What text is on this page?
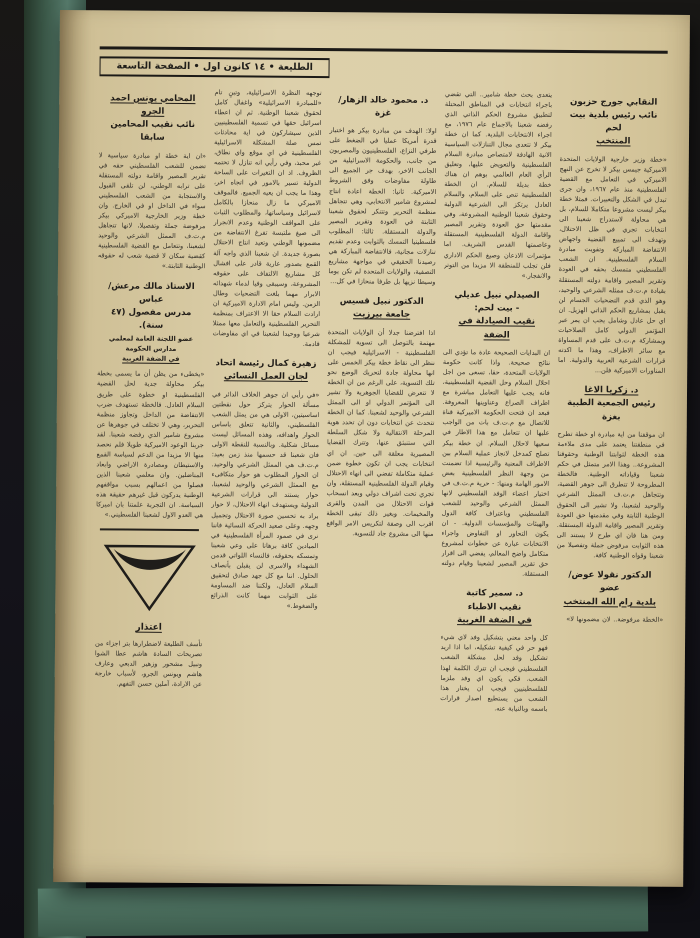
الطليعة • ١٤ كانون اول • الصفحة التاسعة
النقابي جورج حزبون
نائب رئيس بلدية بيت لحم
المنتخب
«خطة وزير خارجية الولايات المتحدة الاميركية جيمس بيكر لا تخرج عن النهج الاميركي في التعامل مع القضية الفلسطينية منذ عام ١٩٦٧، وان جرى تبدل في الشكل والتعبيرات. فمثلا خطة بيكر ليست مشروعا متكاملا للسلام، بل هي محاولة لاستدراج شعبنا الى انتخابات تجري في ظل الاحتلال، وتهدف الى تمييع القضية واجهاض الانتفاضة المباركة وتفويت مبادرة السلام الفلسطينية. ان الشعب الفلسطيني متمسك بحقه في العودة وتقرير المصير واقامة دولته المستقلة بقيادة م.ت.ف ممثله الشرعي والوحيد، وهو الذي قدم التضحيات الجسام لن يقبل بمشاريع الحكم الذاتي الهزيل. ان اي حل عادل وشامل يجب ان يمر عبر المؤتمر الدولي كامل الصلاحيات وبمشاركة م.ت.ف على قدم المساواة مع سائر الاطراف، وهذا ما اكدته قرارات الشرعية العربية والدولية. اما المناورات الاميركية فلن...
د. زكريا الاغا
رئيس الجمعية الطبية بغزة
ان موقفنا من اية مبادرة او خطة تطرح في منطقتنا يعتمد على مدى ملاءمة هذه الخطة لثوابتنا الوطنية وحقوقنا المشروعة.. وهذا الامر متمثل في حكم شعبنا وقياداته الوطنية. فالخطة المطروحة لا تتطرق الى جوهر القضية، وتتجاهل م.ت.ف الممثل الشرعي والوحيد لشعبنا، ولا تشير الى الحقوق الوطنية الثابتة وفي مقدمتها حق العودة وتقرير المصير واقامة الدولة المستقلة. ومن هنا فان اي طرح لا يستند الى هذه الثوابت مرفوض جملة وتفصيلا من شعبنا وقواه الوطنية كافة.
الدكتور نقولا عوض/ عضو
بلدية رام الله المنتخب
«الخطة مرفوضة.. لان مضمونها لا»
يتعدى بحث خطة شامير.. التي تقضي باجراء انتخابات في المناطق المحتلة لتطبيق مشروع الحكم الذاتي الذي رفضه شعبنا بالاجماع عام ١٩٧٦، مع اجراء الانتخابات البلدية. كما ان خطة بيكر لا تتعدى مجال التنازلات السياسية الانية الهادفة لامتصاص مبادرة السلام الفلسطينية والتعويض عليها، وتعليق الرأي العام العالمي بوهم ان هناك خطة بديلة للسلام. ان الخطة الفلسطينية تنص على السلام، والسلام العادل يرتكز الى الشرعية الدولية وحقوق شعبنا الوطنية المشروعة، وفي مقدمتها حق العودة وتقرير المصير واقامة الدولة الفلسطينية المستقلة وعاصمتها القدس الشريف. اما مؤتمرات الاذعان وصيغ الحكم الاداري فلن تجلب للمنطقة الا مزيدا من التوتر والانفجار.»
الصيدلي نبيل عديلي
- بيت لحم:
نقيب الصيادلة في الضفة
ان البدايات الصحيحة عادة ما تؤدي الى نتائج صحيحة. واذا كانت حكومة الولايات المتحدة، حقا، تسعى من اجل احلال السلام وحل القضية الفلسطينية، فانه يجب عليها التعامل مباشرة مع اطراف الصراع وعناوينها المعروفة. فبعد ان فتحت الحكومة الاميركية قناة للاتصال مع م.ت.ف بات من الواجب عليها ان تتعامل مع هذا الاطار في سعيها لاحلال السلام. ان خطة بيكر تصلح كمدخل لانجاز عملية السلام بين الاطراف المعنية والرئيسية اذا تضمنت من وجهة النظر الفلسطينية بعض الامور الهامة ومنها: - حرية م.ت.ف في اختيار اعضاء الوفد الفلسطيني لانها الممثل الشرعي والوحيد للشعب الفلسطيني وباعتراف كافة الدول والهيئات والمؤسسات الدولية. - ان يكون التحاور او التفاوض واجراء الانتخابات عبارة عن خطوات لمشروع متكامل واضح المعالم، يفضي الى اقرار حق تقرير المصير لشعبنا وقيام دولته المستقلة.
د. سمير كاتبة
نقيب الاطباء
في الضفة الغربية
كل واحد معني بتشكيل وفد لاي شيء فهو حر في كيفية تشكيله، اما اذا اريد تشكيل وفد لحل مشكلة الشعب الفلسطيني فيجب ان تترك الكلمة لهذا الشعب. فكي يكون اي وفد ملزما للفلسطينيين فيجب ان يختار هذا الشعب من يستطيع اصدار قرارات باسمه وبالنيابة عنه.
د. محمود خالد الزهار/ غزة
اولا: الهدف من مبادرة بيكر هو اختبار قدرة أمريكا عمليا في الضغط على طرفي النزاع، الفلسطينيون والمصريون من جانب، والحكومة الاسرائيلية من الجانب الاخر، بهدف جر الجميع الى طاولة مفاوضات وفق الشروط الاميركية. ثانيا: الخطة اعادة انتاج لمشروع شامير الانتخابي، وهي تتجاهل منظمة التحرير وتتنكر لحقوق شعبنا الثابتة في العودة وتقرير المصير والدولة المستقلة. ثالثا: المطلوب فلسطينيا التمسك بالثوابت وعدم تقديم تنازلات مجانية، فالانتفاضة المباركة هي رصيدنا الحقيقي في مواجهة مشاريع التصفية، والولايات المتحدة لم تكن يوما وسيطا نزيها بل طرفا منحازا في كل...
الدكتور نبيل قسيس
جامعة بيرزيت
اذا افترضنا جدلا أن الولايات المتحدة مهتمة بالتوصل الى تسوية للمشكلة الفلسطينية - الاسرائيلية فيجب ان ننظر الى نقاط خطة بيكر الخمس على انها محاولة جادة لتحريك الوضع نحو تلك التسوية، على الرغم من ان الخطة لا تتعرض للقضايا الجوهرية ولا تشير الى المؤتمر الدولي او الى الممثل الشرعي والوحيد لشعبنا. كما ان الخطة تتحدث عن انتخابات دون ان تحدد هوية المرحلة الانتقالية ولا شكل السلطة التي ستنبثق عنها، وتترك القضايا المصيرية معلقة الى حين. ان اي انتخابات يجب ان تكون خطوة ضمن عملية متكاملة تفضي الى انهاء الاحتلال وقيام الدولة الفلسطينية المستقلة، وان تجري تحت اشراف دولي وبعد انسحاب قوات الاحتلال من المدن والقرى والمخيمات. وبغير ذلك تبقى الخطة اقرب الى وصفة لتكريس الامر الواقع منها الى مشروع جاد للتسوية.
توجهه النظرة الاسرائيلية، وتبنٍ تام «للمبادرة الاسرائيلية» واغفال كامل لحقوق شعبنا الوطنية. ثم ان اعطاء اسرائيل حقها في تسمية الفلسطينيين الذين سيشاركون في اية محادثات تمس صلة المشكلة الاسرائيلية الفلسطينية في اي موقع واي نطاق، غير محبذ، وفي رأيي انه تنازل لا تحتمه الظروف. اذ ان التغيرات على الساحة الدولية تسير بالامور في اتجاه اخر، وهذا ما يجب ان يعيه الجميع. فالموقف الاميركي ما زال منحازا بالكامل لاسرائيل وسياساتها، والمطلوب الثبات على المواقف الوطنية وعدم الانجرار الى صيغ ملتبسة تفرغ الانتفاضة من مضمونها الوطني وتعيد انتاج الاحتلال بصورة جديدة. ان شعبنا الذي واجه آلة القمع بصدور عارية قادر على افشال كل مشاريع الالتفاف على حقوقه المشروعة، وسيبقى وفيا لدماء شهدائه الابرار مهما بلغت التضحيات وطال الزمن. وليس امام الادارة الاميركية ان ارادت السلام حقا الا الاعتراف بمنظمة التحرير الفلسطينية والتعامل معها ممثلا شرعيا ووحيدا لشعبنا في اي مفاوضات قادمة.
زهيرة كمال رئيسة اتحاد
لجان العمل النسائي
«في رأيي ان جوهر الخلاف الدائر في مسألة الحوار يتركز حول نقطتين اساسيتين، الاولى هي من يمثل الشعب الفلسطيني، والثانية تتعلق باساس الحوار واهدافه، وهذه المسائل ليست مسائل شكلية. وبالنسبة للنقطة الاولى فان شعبنا قد حسمها منذ زمن بعيد: م.ت.ف هي الممثل الشرعي والوحيد. ان الحوار المطلوب هو حوار متكافىء مع الممثل الشرعي والوحيد لشعبنا، حوار يستند الى قرارات الشرعية الدولية ويستهدف انهاء الاحتلال، لا حوار يراد به تحسين صورة الاحتلال وتجميل وجهه. وعلى صعيد الحركة النسائية فاننا نرى في صمود المرأة الفلسطينية في الميادين كافة برهانا على وعي شعبنا وتمسكه بحقوقه، فالنساء اللواتي قدمن الشهداء والاسرى لن يقبلن بأنصاف الحلول. اننا مع كل جهد صادق لتحقيق السلام العادل، ولكننا ضد المساومة على الثوابت مهما كانت الذرائع والضغوط.»
المحامي يونس احمد الجرو
نائب نقيب المحامين سابقا
«ان اية خطة او مبادرة سياسية لا تضمن للشعب الفلسطيني حقه في تقرير المصير واقامة دولته المستقلة على ترابه الوطني، لن تلقى القبول والاستجابة من الشعب الفلسطيني سواء في الداخل او في الخارج. وان خطة وزير الخارجية الاميركي بيكر مرفوضة جملة وتفصيلا، لانها تتجاهل م.ت.ف الممثل الشرعي والوحيد لشعبنا، وتتعامل مع القضية الفلسطينية كقضية سكان لا قضية شعب له حقوقه الوطنية الثابتة.»
الاستاذ مالك مرعش/ عباس
مدرس مفصول (٤٧ سنة).
عضو اللجنة العامة لمعلمي مدارس الحكومة
في الضفة الغربية
«يخطىء من يظن أن ما يسمى بخطة بيكر محاولة جدية لحل القضية الفلسطينية او خطوة على طريق السلام العادل. فالخطة تستهدف ضرب الانتفاضة من الداخل وتجاوز منظمة التحرير، وهي لا تختلف في جوهرها عن مشروع شامير الذي رفضه شعبنا. لقد جربنا الوعود الاميركية طويلا فلم نحصد منها الا مزيدا من الدعم لسياسة القمع والاستيطان ومصادرة الاراضي وابعاد المناضلين. وان معلمي شعبنا الذين فصلوا من اعمالهم بسبب مواقفهم الوطنية يدركون قبل غيرهم حقيقة هذه السياسة. ان التجربة علمتنا بان اميركا هي العدو الاول لشعبنا الفلسطيني.»
اعتذار
تأسف الطليعة لاضطرارها بتر اجزاء من تصريحات السادة هاشم عطا الشوا ونبيل مشحور وزهير الدبعي وعارف هاشم ويونس الجرو، لأسباب خارجة عن الارادة، آملين حسن التفهم.
